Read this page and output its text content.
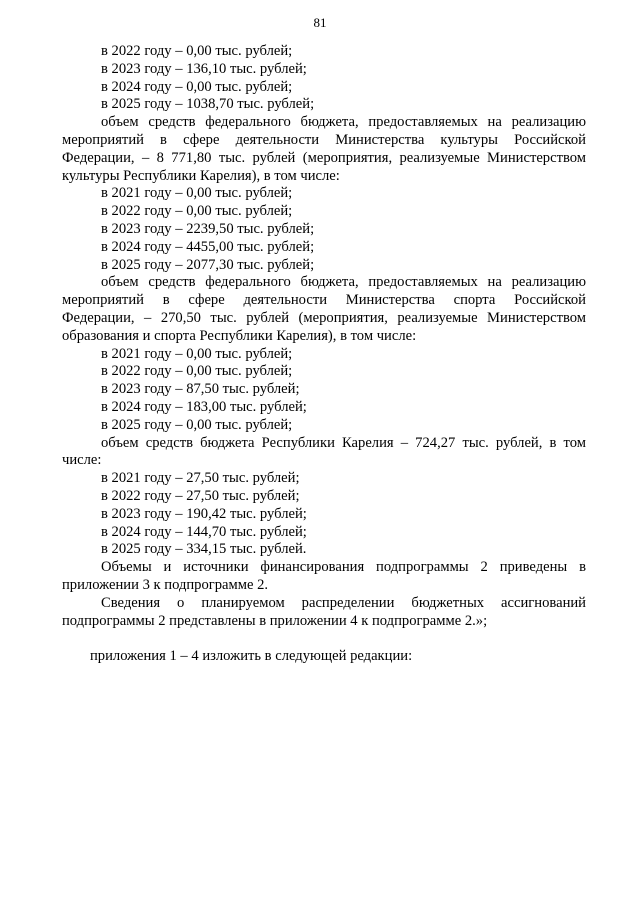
81
в 2022 году – 0,00 тыс. рублей;
в 2023 году – 136,10 тыс. рублей;
в 2024 году – 0,00 тыс. рублей;
в 2025 году – 1038,70 тыс. рублей;
объем средств федерального бюджета, предоставляемых на реализацию
мероприятий в сфере деятельности Министерства культуры Российской
Федерации, – 8 771,80 тыс. рублей (мероприятия, реализуемые Министерством
культуры Республики Карелия), в том числе:
в 2021 году – 0,00 тыс. рублей;
в 2022 году – 0,00 тыс. рублей;
в 2023 году – 2239,50 тыс. рублей;
в 2024 году – 4455,00 тыс. рублей;
в 2025 году – 2077,30 тыс. рублей;
объем средств федерального бюджета, предоставляемых на реализацию
мероприятий в сфере деятельности Министерства спорта Российской
Федерации, – 270,50 тыс. рублей (мероприятия, реализуемые Министерством
образования и спорта Республики Карелия), в том числе:
в 2021 году – 0,00 тыс. рублей;
в 2022 году – 0,00 тыс. рублей;
в 2023 году – 87,50 тыс. рублей;
в 2024 году – 183,00 тыс. рублей;
в 2025 году – 0,00 тыс. рублей;
объем средств бюджета Республики Карелия – 724,27 тыс. рублей, в том
числе:
в 2021 году – 27,50 тыс. рублей;
в 2022 году – 27,50 тыс. рублей;
в 2023 году – 190,42 тыс. рублей;
в 2024 году – 144,70 тыс. рублей;
в 2025 году – 334,15 тыс. рублей.
Объемы и источники финансирования подпрограммы 2 приведены в
приложении 3 к подпрограмме 2.
Сведения о планируемом распределении бюджетных ассигнований
подпрограммы 2 представлены в приложении 4 к подпрограмме 2.»;
приложения 1 – 4 изложить в следующей редакции:
